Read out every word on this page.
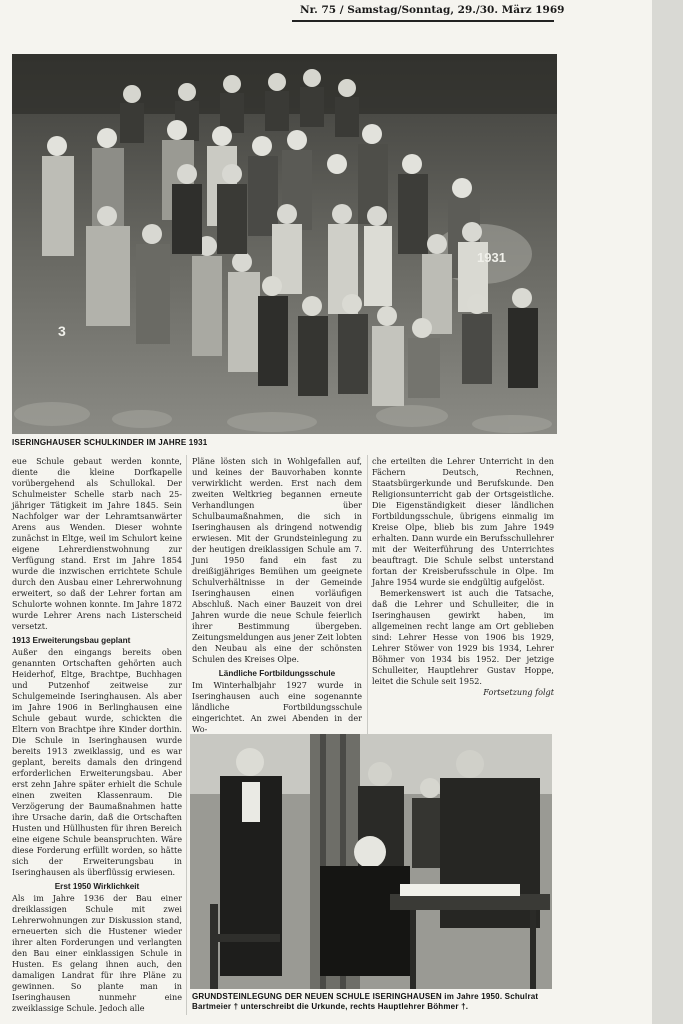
Nr. 75 / Samstag/Sonntag, 29./30. März 1969
1931
3
ISERINGHAUSER SCHULKINDER IM JAHRE 1931

eue Schule gebaut werden konnte, diente die kleine Dorfkapelle vorübergehend als Schullokal. Der Schulmeister Schelle starb nach 25-jähriger Tätigkeit im Jahre 1845. Sein Nachfolger war der Lehramtsanwärter Arens aus Wenden. Dieser wohnte zunächst in Eltge, weil im Schulort keine eigene Lehrerdienstwohnung zur Verfügung stand. Erst im Jahre 1854 wurde die inzwischen errichtete Schule durch den Ausbau einer Lehrerwohnung erweitert, so daß der Lehrer fortan am Schulorte wohnen konnte. Im Jahre 1872 wurde Lehrer Arens nach Listerscheid versetzt.

1913 Erweiterungsbau geplant

Außer den eingangs bereits oben genannten Ortschaften gehörten auch Heiderhof, Eltge, Brachtpe, Buchhagen und Putzenhof zeitweise zur Schulgemeinde Iseringhausen. Als aber im Jahre 1906 in Berlinghausen eine Schule gebaut wurde, schickten die Eltern von Brachtpe ihre Kinder dorthin. Die Schule in Iseringhausen wurde bereits 1913 zweiklassig, und es war geplant, bereits damals den dringend erforderlichen Erweiterungsbau. Aber erst zehn Jahre später erhielt die Schule einen zweiten Klassenraum. Die Verzögerung der Baumaßnahmen hatte ihre Ursache darin, daß die Ortschaften Husten und Hüllhusten für ihren Bereich eine eigene Schule beanspruchten. Wäre diese Forderung erfüllt worden, so hätte sich der Erweiterungsbau in Iseringhausen als überflüssig erwiesen.

Erst 1950 Wirklichkeit

Als im Jahre 1936 der Bau einer dreiklassigen Schule mit zwei Lehrerwohnungen zur Diskussion stand, erneuerten sich die Hustener wieder ihrer alten Forderungen und verlangten den Bau einer einklassigen Schule in Husten. Es gelang ihnen auch, den damaligen Landrat für ihre Pläne zu gewinnen. So plante man in Iseringhausen nunmehr eine zweiklassige Schule. Jedoch alle

Pläne lösten sich in Wohlgefallen auf, und keines der Bauvorhaben konnte verwirklicht werden. Erst nach dem zweiten Weltkrieg begannen erneute Verhandlungen über Schulbaumaßnahmen, die sich in Iseringhausen als dringend notwendig erwiesen. Mit der Grundsteinlegung zu der heutigen dreiklassigen Schule am 7. Juni 1950 fand ein fast zu dreißigjähriges Bemühen um geeignete Schulverhältnisse in der Gemeinde Iseringhausen einen vorläufigen Abschluß. Nach einer Bauzeit von drei Jahren wurde die neue Schule feierlich ihrer Bestimmung übergeben. Zeitungsmeldungen aus jener Zeit lobten den Neubau als eine der schönsten Schulen des Kreises Olpe.

Ländliche Fortbildungsschule

Im Winterhalbjahr 1927 wurde in Iseringhausen auch eine sogenannte ländliche Fortbildungsschule eingerichtet. An zwei Abenden in der Wo-

che erteilten die Lehrer Unterricht in den Fächern Deutsch, Rechnen, Staatsbürgerkunde und Berufskunde. Den Religionsunterricht gab der Ortsgeistliche. Die Eigenständigkeit dieser ländlichen Fortbildungsschule, übrigens einmalig im Kreise Olpe, blieb bis zum Jahre 1949 erhalten. Dann wurde ein Berufsschullehrer mit der Weiterführung des Unterrichtes beauftragt. Die Schule selbst unterstand fortan der Kreisberufsschule in Olpe. Im Jahre 1954 wurde sie endgültig aufgelöst.

Bemerkenswert ist auch die Tatsache, daß die Lehrer und Schulleiter, die in Iseringhausen gewirkt haben, im allgemeinen recht lange am Ort geblieben sind: Lehrer Hesse von 1906 bis 1929, Lehrer Stöwer von 1929 bis 1934, Lehrer Böhmer von 1934 bis 1952. Der jetzige Schulleiter, Hauptlehrer Gustav Hoppe, leitet die Schule seit 1952.

Fortsetzung folgt

GRUNDSTEINLEGUNG DER NEUEN SCHULE ISERINGHAUSEN im Jahre 1950. Schulrat Bartmeier † unterschreibt die Urkunde, rechts Hauptlehrer Böhmer †.
